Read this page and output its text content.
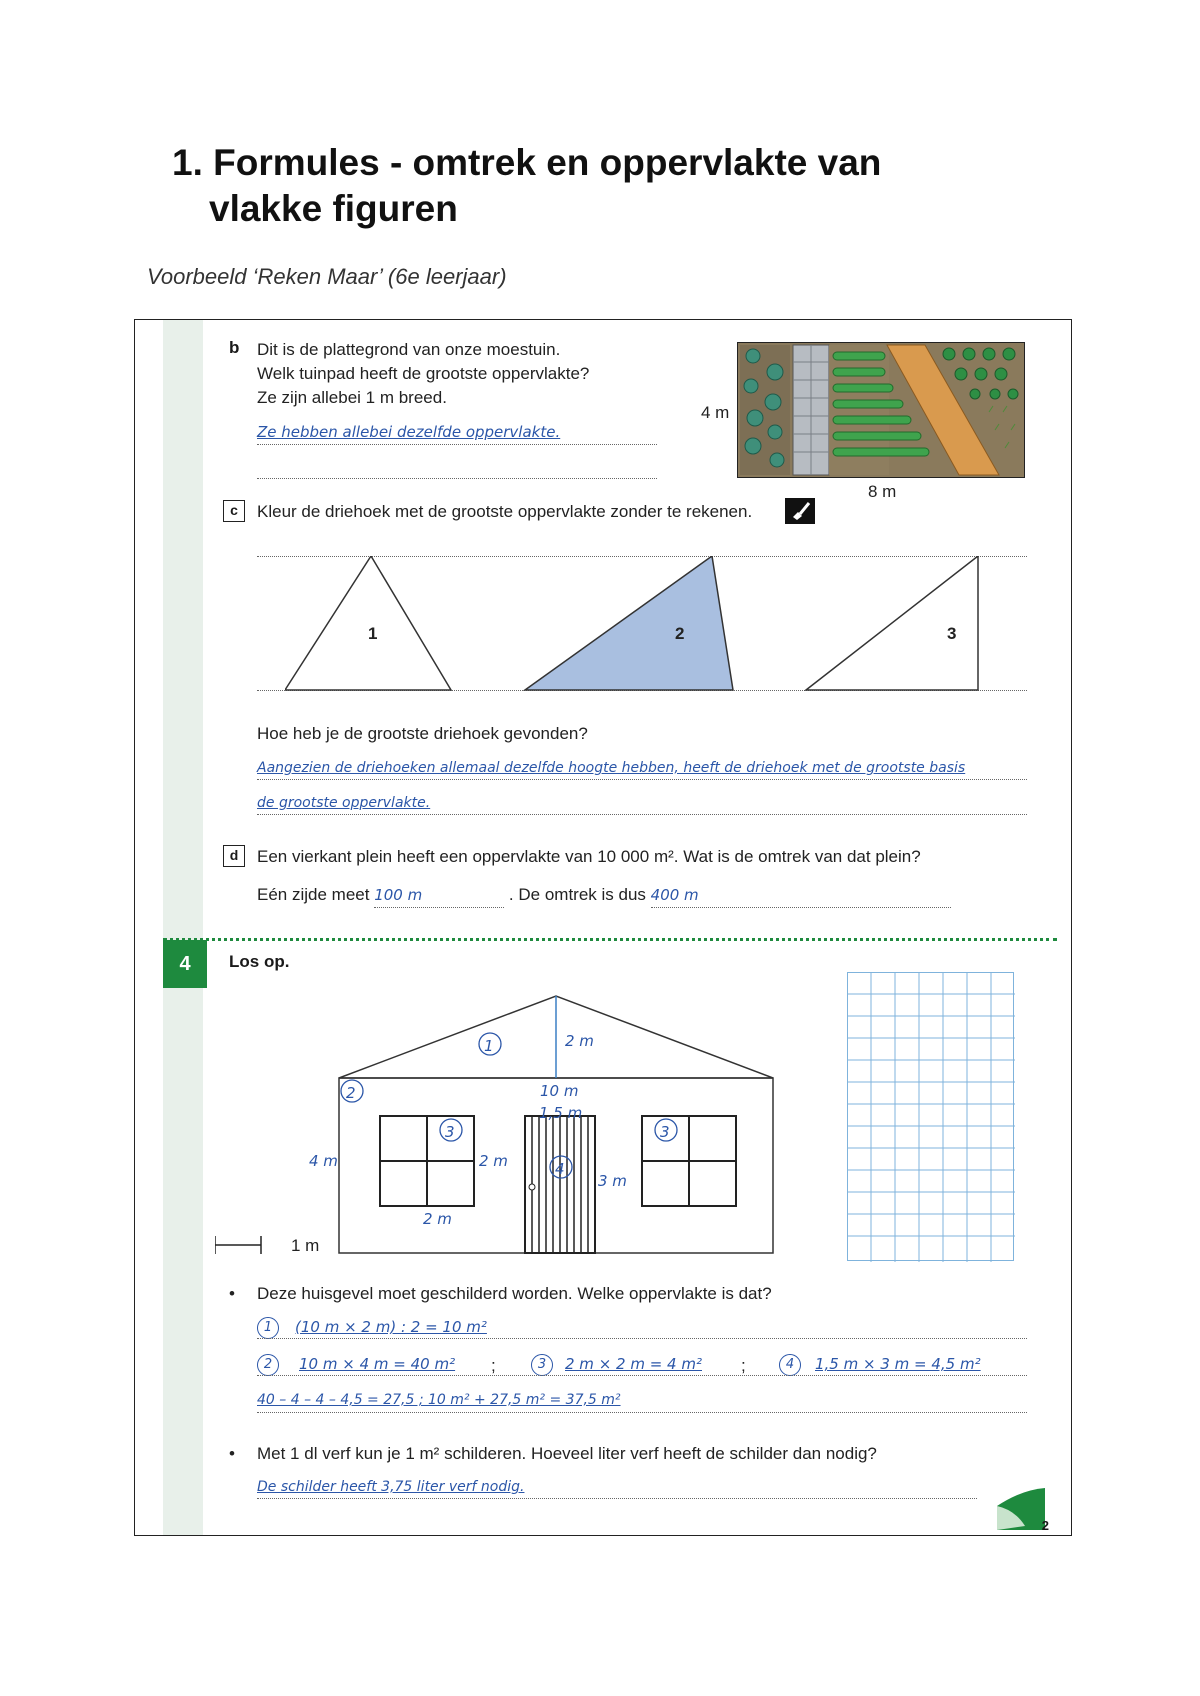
1. Formules - omtrek en oppervlakte van
vlakke figuren
Voorbeeld ‘Reken Maar’ (6e leerjaar)
b Dit is de plattegrond van onze moestuin.
Welk tuinpad heeft de grootste oppervlakte?
Ze zijn allebei 1 m breed.
Ze hebben allebei dezelfde oppervlakte.
4 m
8 m
c	Kleur de driehoek met de grootste oppervlakte zonder te rekenen.
1	2	3
Hoe heb je de grootste driehoek gevonden?
Aangezien de driehoeken allemaal dezelfde hoogte hebben, heeft de driehoek met de grootste basis
de grootste oppervlakte.
d	Een vierkant plein heeft een oppervlakte van 10 000 m². Wat is de omtrek van dat plein?
Eén zijde meet 100 m	. De omtrek is dus 400 m
4	Los op.
1
2
3
4
3
2 m
10 m
1,5 m
4 m	2 m
3 m
2 m
1 m
• Deze huisgevel moet geschilderd worden. Welke oppervlakte is dat?
1	(10 m × 2 m) : 2 = 10 m²
2	10 m × 4 m = 40 m² ;	3	2 m × 2 m = 4 m² ;	4	1,5 m × 3 m = 4,5 m²
40 – 4 – 4 – 4,5 = 27,5 ; 10 m² + 27,5 m² = 37,5 m²
• Met 1 dl verf kun je 1 m² schilderen. Hoeveel liter verf heeft de schilder dan nodig?
De schilder heeft 3,75 liter verf nodig.
2
